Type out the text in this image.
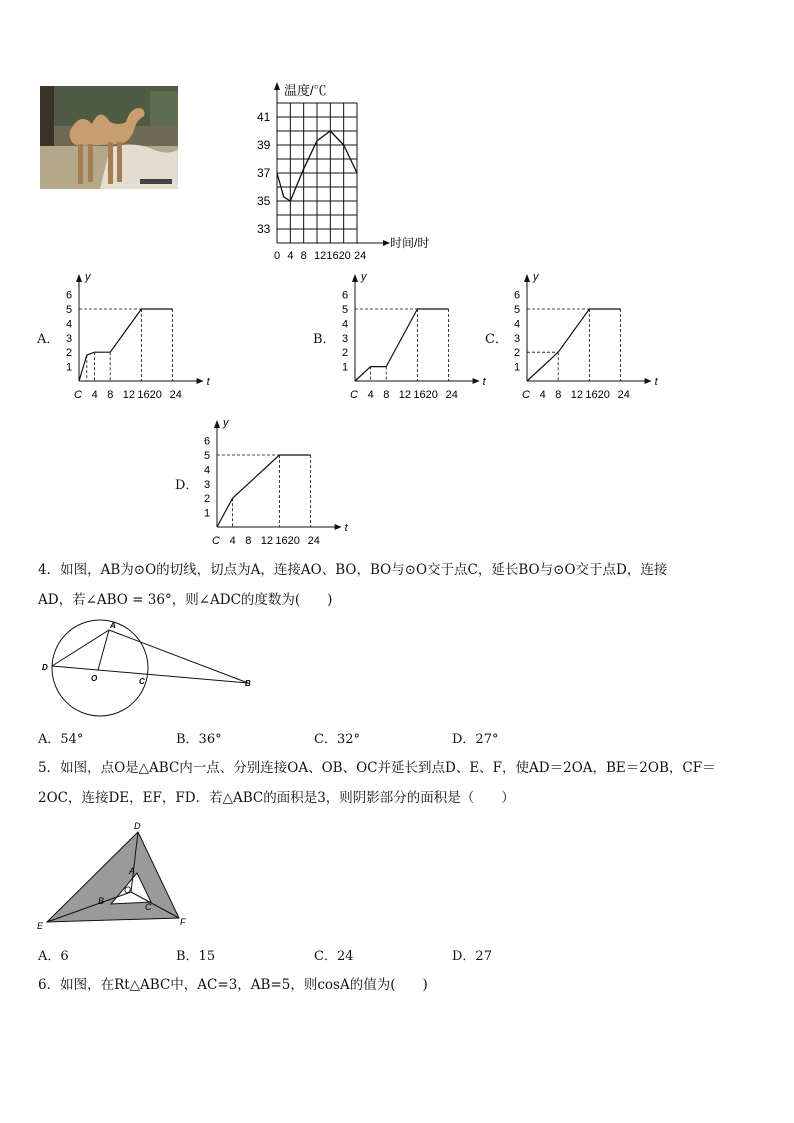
温度/℃
时间/时
41
39
37
35
33
0 4 8 12 1620 24
A．
y
t
C
6
5
4
3
2
1
4 8 12 1620 24
B．
y
t
C
6
5
4
3
2
1
4 8 12 1620 24
C．
y
t
C
6
5
4
3
2
1
4 8 12 1620 24
D．
y
t
C
6
5
4
3
2
1
4 8 12 1620 24
4．如图，AB为⊙O的切线，切点为A，连接AO、BO，BO与⊙O交于点C，延长BO与⊙O交于点D，连接
AD，若∠ABO = 36°，则∠ADC的度数为(　　)
A
D
O	C	B
A．54°	B．36°	C．32°	D．27°
5．如图，点O是△ABC内一点、分别连接OA、OB、OC并延长到点D、E、F，使AD＝2OA，BE＝2OB，CF＝
2OC，连接DE，EF，FD．若△ABC的面积是3，则阴影部分的面积是（　　）
D
A
O
B
C
E	F
A．6	B．15	C．24	D．27
6．如图，在Rt△ABC中，AC=3，AB=5，则cosA的值为(　　)
